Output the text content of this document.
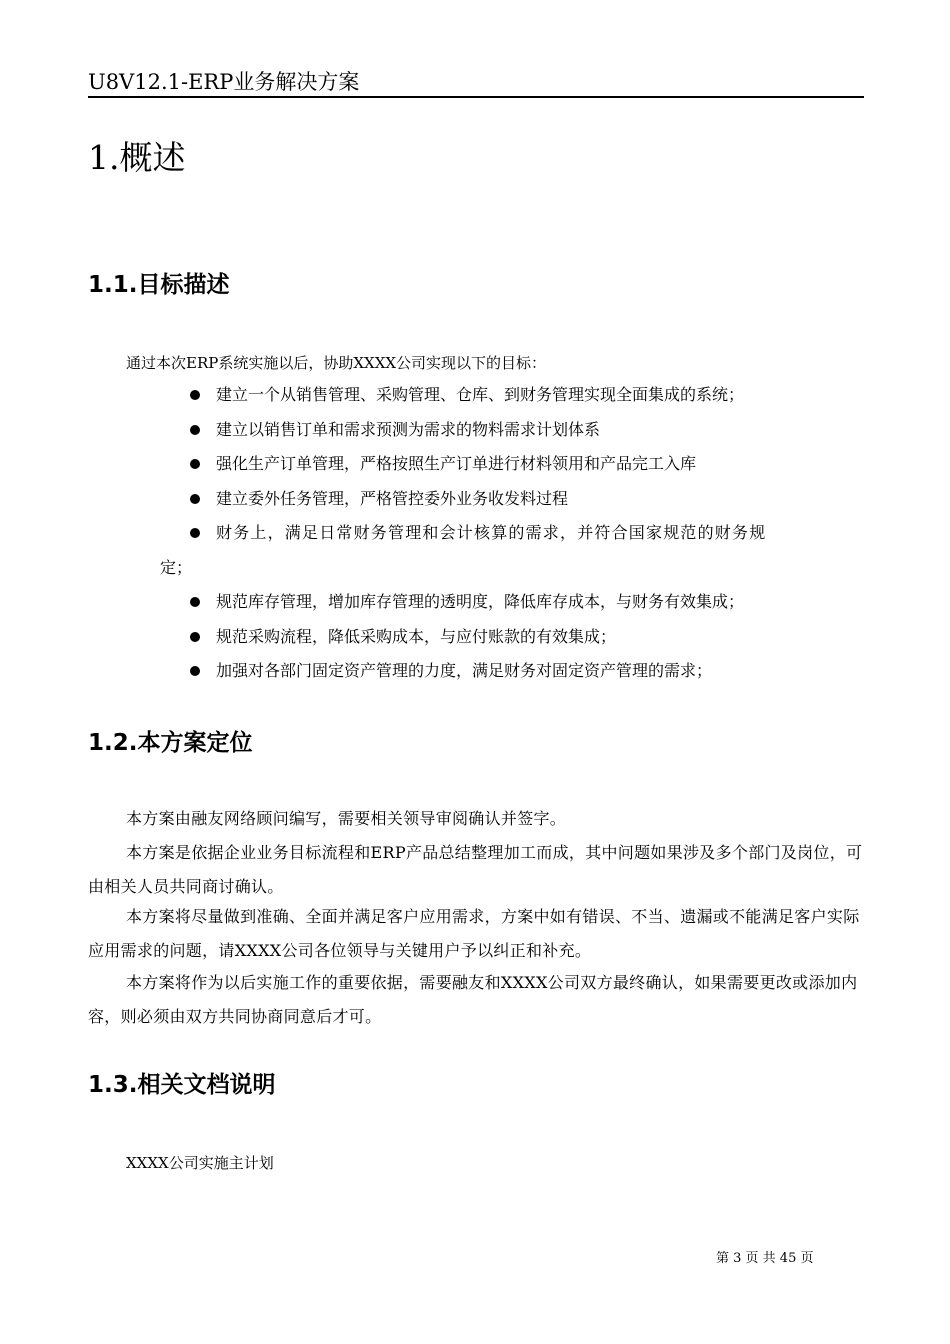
U8V12.1-ERP业务解决方案
1.概述
1.1.目标描述

通过本次ERP系统实施以后，协助XXXX公司实现以下的目标：

建立一个从销售管理、采购管理、仓库、到财务管理实现全面集成的系统；
建立以销售订单和需求预测为需求的物料需求计划体系
强化生产订单管理，严格按照生产订单进行材料领用和产品完工入库
建立委外任务管理，严格管控委外业务收发料过程
财务上，满足日常财务管理和会计核算的需求，并符合国家规范的财务规
定；
规范库存管理，增加库存管理的透明度，降低库存成本，与财务有效集成；
规范采购流程，降低采购成本，与应付账款的有效集成；
加强对各部门固定资产管理的力度，满足财务对固定资产管理的需求；
1.2.本方案定位

本方案由融友网络顾问编写，需要相关领导审阅确认并签字。

本方案是依据企业业务目标流程和ERP产品总结整理加工而成，其中问题如果涉及多个部门及岗位，可由相关人员共同商讨确认。

本方案将尽量做到准确、全面并满足客户应用需求，方案中如有错误、不当、遗漏或不能满足客户实际应用需求的问题，请XXXX公司各位领导与关键用户予以纠正和补充。

本方案将作为以后实施工作的重要依据，需要融友和XXXX公司双方最终确认，如果需要更改或添加内容，则必须由双方共同协商同意后才可。

1.3.相关文档说明

XXXX公司实施主计划

第 3 页 共 45 页
